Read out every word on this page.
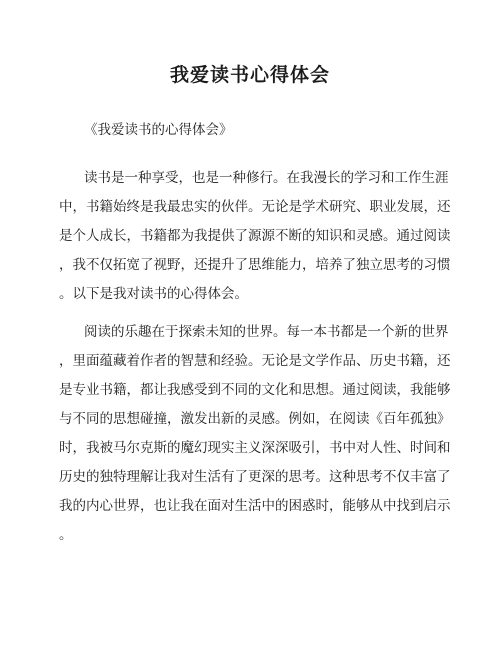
我爱读书心得体会

《我爱读书的心得体会》

读书是一种享受，也是一种修行。在我漫长的学习和工作生涯
中，书籍始终是我最忠实的伙伴。无论是学术研究、职业发展，还
是个人成长，书籍都为我提供了源源不断的知识和灵感。通过阅读
，我不仅拓宽了视野，还提升了思维能力，培养了独立思考的习惯
。以下是我对读书的心得体会。
阅读的乐趣在于探索未知的世界。每一本书都是一个新的世界
，里面蕴藏着作者的智慧和经验。无论是文学作品、历史书籍，还
是专业书籍，都让我感受到不同的文化和思想。通过阅读，我能够
与不同的思想碰撞，激发出新的灵感。例如，在阅读《百年孤独》
时，我被马尔克斯的魔幻现实主义深深吸引，书中对人性、时间和
历史的独特理解让我对生活有了更深的思考。这种思考不仅丰富了
我的内心世界，也让我在面对生活中的困惑时，能够从中找到启示
。
